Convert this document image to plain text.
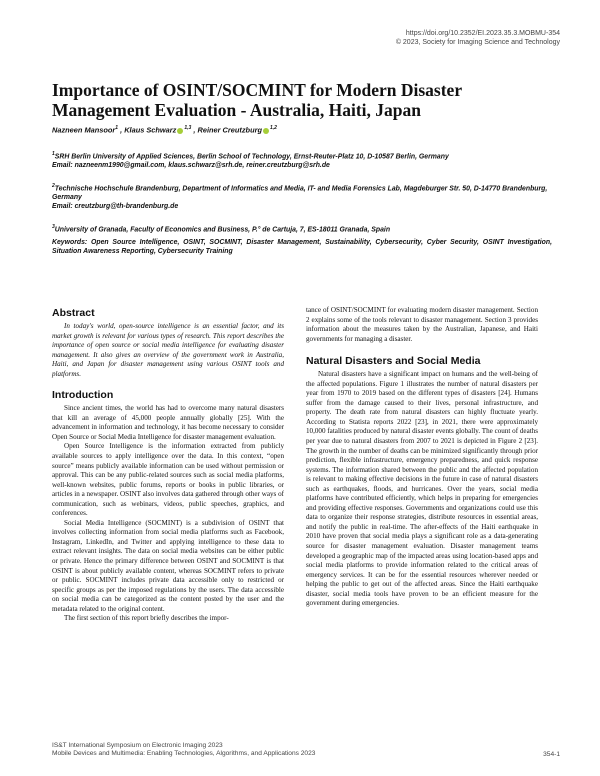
https://doi.org/10.2352/EI.2023.35.3.MOBMU-354
© 2023, Society for Imaging Science and Technology
Importance of OSINT/SOCMINT for Modern Disaster Management Evaluation - Australia, Haiti, Japan
Nazneen Mansoor$^1$ , Klaus Schwarz $^{1,3}$ , Reiner Creutzburg $^{1,2}$
$^1$SRH Berlin University of Applied Sciences, Berlin School of Technology, Ernst-Reuter-Platz 10, D-10587 Berlin, Germany
Email: nazneenm1990@gmail.com, klaus.schwarz@srh.de, reiner.creutzburg@srh.de
$^2$Technische Hochschule Brandenburg, Department of Informatics and Media, IT- and Media Forensics Lab, Magdeburger Str. 50, D-14770 Brandenburg, Germany
Email: creutzburg@th-brandenburg.de
$^3$University of Granada, Faculty of Economics and Business, P.° de Cartuja, 7, ES-18011 Granada, Spain
Keywords: Open Source Intelligence, OSINT, SOCMINT, Disaster Management, Sustainability, Cybersecurity, Cyber Security, OSINT Investigation, Situation Awareness Reporting, Cybersecurity Training
Abstract

In today's world, open-source intelligence is an essential factor, and its market growth is relevant for various types of research. This report describes the importance of open source or social media intelligence for evaluating disaster management. It also gives an overview of the government work in Australia, Haiti, and Japan for disaster management using various OSINT tools and platforms.

Introduction

Since ancient times, the world has had to overcome many natural disasters that kill an average of 45,000 people annually globally [25]. With the advancement in information and technology, it has become necessary to consider Open Source or Social Media Intelligence for disaster management evaluation.

Open Source Intelligence is the information extracted from publicly available sources to apply intelligence over the data. In this context, “open source” means publicly available information can be used without permission or approval. This can be any public-related sources such as social media platforms, well-known websites, public forums, reports or books in public libraries, or articles in a newspaper. OSINT also involves data gathered through other ways of communication, such as webinars, videos, public speeches, graphics, and conferences.

Social Media Intelligence (SOCMINT) is a subdivision of OSINT that involves collecting information from social media platforms such as Facebook, Instagram, LinkedIn, and Twitter and applying intelligence to these data to extract relevant insights. The data on social media websites can be either public or private. Hence the primary difference between OSINT and SOCMINT is that OSINT is about publicly available content, whereas SOCMINT refers to private or public. SOCMINT includes private data accessible only to restricted or specific groups as per the imposed regulations by the users. The data accessible on social media can be categorized as the content posted by the user and the metadata related to the original content.

The first section of this report briefly describes the impor-

tance of OSINT/SOCMINT for evaluating modern disaster management. Section 2 explains some of the tools relevant to disaster management. Section 3 provides information about the measures taken by the Australian, Japanese, and Haiti governments for managing a disaster.

Natural Disasters and Social Media

Natural disasters have a significant impact on humans and the well-being of the affected populations. Figure 1 illustrates the number of natural disasters per year from 1970 to 2019 based on the different types of disasters [24]. Humans suffer from the damage caused to their lives, personal infrastructure, and property. The death rate from natural disasters can highly fluctuate yearly. According to Statista reports 2022 [23], in 2021, there were approximately 10,000 fatalities produced by natural disaster events globally. The count of deaths per year due to natural disasters from 2007 to 2021 is depicted in Figure 2 [23]. The growth in the number of deaths can be minimized significantly through prior prediction, flexible infrastructure, emergency preparedness, and quick response systems. The information shared between the public and the affected population is relevant to making effective decisions in the future in case of natural disasters such as earthquakes, floods, and hurricanes. Over the years, social media platforms have contributed efficiently, which helps in preparing for emergencies and providing effective responses. Governments and organizations could use this data to organize their response strategies, distribute resources in essential areas, and notify the public in real-time. The after-effects of the Haiti earthquake in 2010 have proven that social media plays a significant role as a data-generating source for disaster management evaluation. Disaster management teams developed a geographic map of the impacted areas using location-based apps and social media platforms to provide information related to the critical areas of emergency services. It can be for the essential resources wherever needed or helping the public to get out of the affected areas. Since the Haiti earthquake disaster, social media tools have proven to be an efficient measure for the government during emergencies.

IS&T International Symposium on Electronic Imaging 2023
Mobile Devices and Multimedia: Enabling Technologies, Algorithms, and Applications 2023	354-1
